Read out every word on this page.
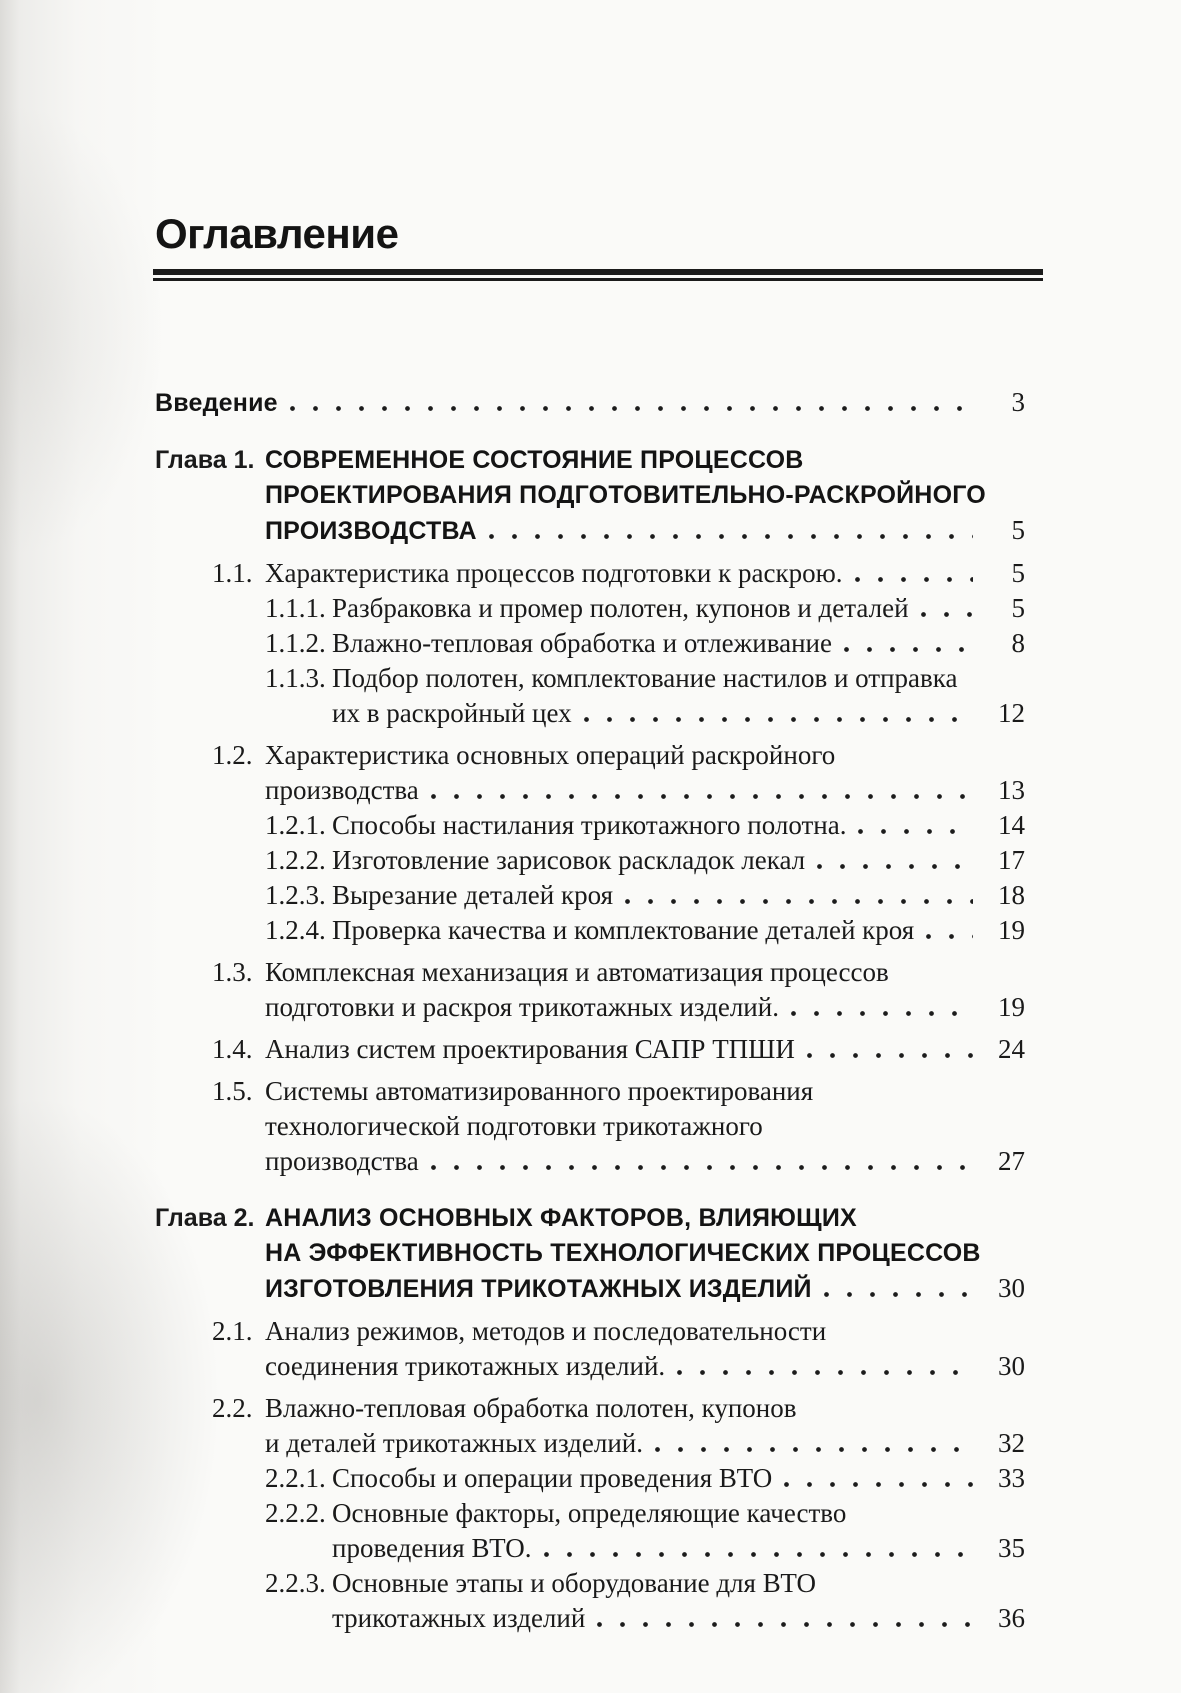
Оглавление
Введение	3
Глава 1. СОВРЕМЕННОЕ СОСТОЯНИЕ ПРОЦЕССОВ
ПРОЕКТИРОВАНИЯ ПОДГОТОВИТЕЛЬНО-РАСКРОЙНОГО
ПРОИЗВОДСТВА	5
1.1. Характеристика процессов подготовки к раскрою.	5
1.1.1. Разбраковка и промер полотен, купонов и деталей	5
1.1.2. Влажно-тепловая обработка и отлеживание	8
1.1.3. Подбор полотен, комплектование настилов и отправка
их в раскройный цех	12
1.2. Характеристика основных операций раскройного
производства	13
1.2.1. Способы настилания трикотажного полотна.	14
1.2.2. Изготовление зарисовок раскладок лекал	17
1.2.3. Вырезание деталей кроя	18
1.2.4. Проверка качества и комплектование деталей кроя	19
1.3. Комплексная механизация и автоматизация процессов
подготовки и раскроя трикотажных изделий.	19
1.4. Анализ систем проектирования САПР ТПШИ	24
1.5. Системы автоматизированного проектирования
технологической подготовки трикотажного
производства	27
Глава 2. АНАЛИЗ ОСНОВНЫХ ФАКТОРОВ, ВЛИЯЮЩИХ
НА ЭФФЕКТИВНОСТЬ ТЕХНОЛОГИЧЕСКИХ ПРОЦЕССОВ
ИЗГОТОВЛЕНИЯ ТРИКОТАЖНЫХ ИЗДЕЛИЙ	30
2.1. Анализ режимов, методов и последовательности
соединения трикотажных изделий.	30
2.2. Влажно-тепловая обработка полотен, купонов
и деталей трикотажных изделий.	32
2.2.1. Способы и операции проведения ВТО	33
2.2.2. Основные факторы, определяющие качество
проведения ВТО.	35
2.2.3. Основные этапы и оборудование для ВТО
трикотажных изделий	36
